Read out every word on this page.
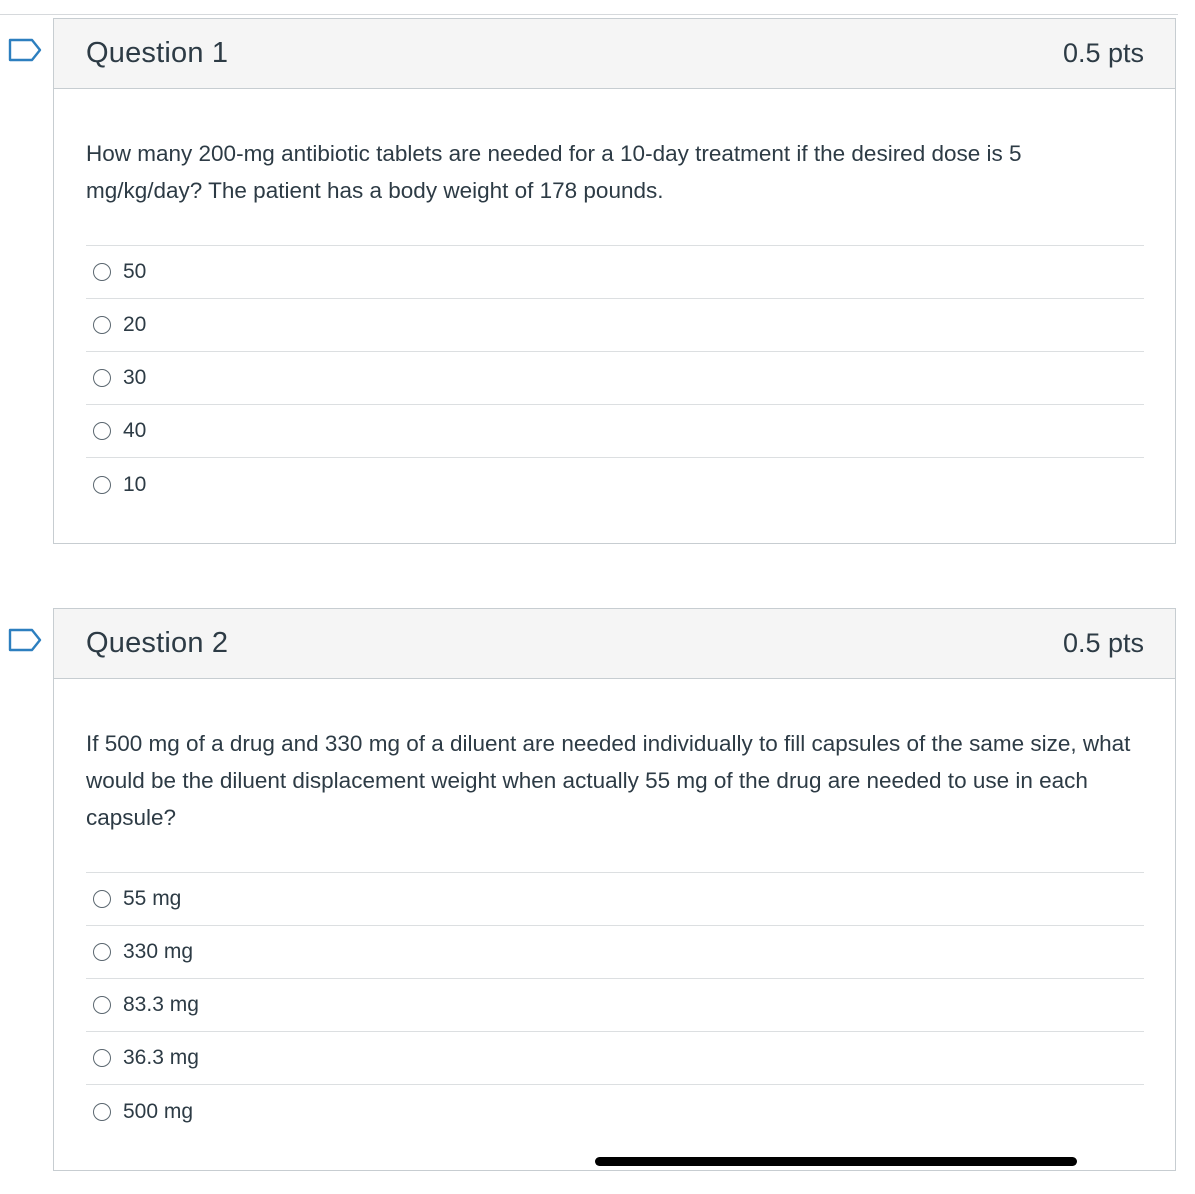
Question 1	0.5 pts

How many 200-mg antibiotic tablets are needed for a 10-day treatment if the desired dose is 5 mg/kg/day? The patient has a body weight of 178 pounds.

50
20
30
40
10
Question 2	0.5 pts

If 500 mg of a drug and 330 mg of a diluent are needed individually to fill capsules of the same size, what would be the diluent displacement weight when actually 55 mg of the drug are needed to use in each capsule?

55 mg
330 mg
83.3 mg
36.3 mg
500 mg
